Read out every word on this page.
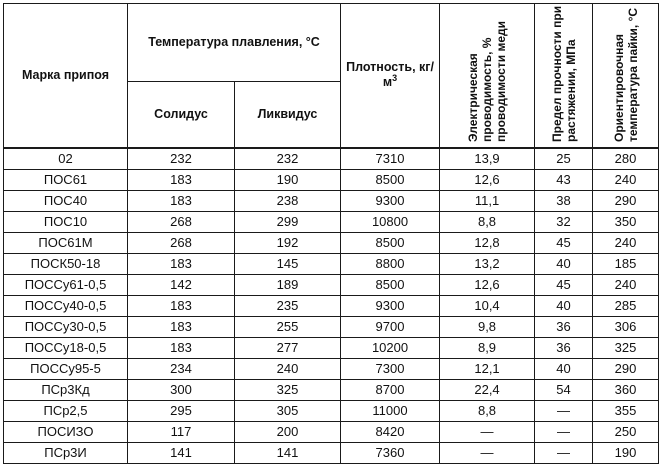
Марка припоя	Температура плавления, °С		Плотность, $кг/м^3$	Электрическая проводимость, % проводимости меди	Предел прочности при растяжении, МПа	Ориентировочная температура пайки, °С
	Солидус	Ликвидус				
02	232	232	7310	13,9	25	280
ПОС61	183	190	8500	12,6	43	240
ПОС40	183	238	9300	11,1	38	290
ПОС10	268	299	10800	8,8	32	350
ПОС61М	268	192	8500	12,8	45	240
ПОСК50-18	183	145	8800	13,2	40	185
ПОССу61-0,5	142	189	8500	12,6	45	240
ПОССу40-0,5	183	235	9300	10,4	40	285
ПОССу30-0,5	183	255	9700	9,8	36	306
ПОССу18-0,5	183	277	10200	8,9	36	325
ПОССу95-5	234	240	7300	12,1	40	290
ПСр3Кд	300	325	8700	22,4	54	360
ПСр2,5	295	305	11000	8,8	—	355
ПОСИЗО	117	200	8420	—	—	250
ПСр3И	141	141	7360	—	—	190
